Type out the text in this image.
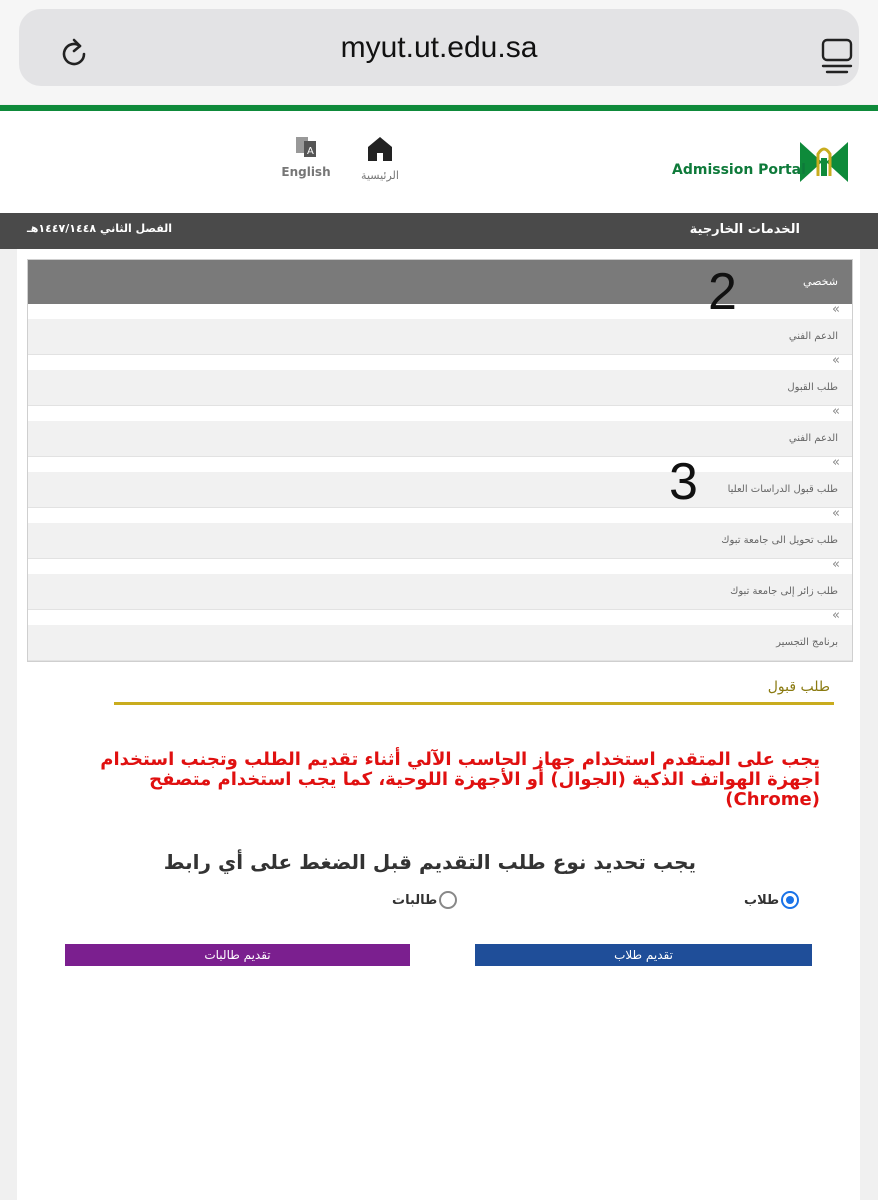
myut.ut.edu.sa
Admission Portal
الرئيسية
A
English
الخدمات الخارجية
الفصل الثاني ١٤٤٧/١٤٤٨هـ
شخصي
«
الدعم الفني
«
طلب القبول
«
الدعم الفني
«
طلب قبول الدراسات العليا
«
طلب تحويل الى جامعة تبوك
«
طلب زائر إلى جامعة تبوك
«
برنامج التجسير
2
3
طلب قبول
يجب على المتقدم استخدام جهاز الحاسب الآلي أثناء تقديم الطلب وتجنب استخدام اجهزة الهواتف الذكية (الجوال) أو الأجهزة اللوحية، كما يجب استخدام متصفح (Chrome)
يجب تحديد نوع طلب التقديم قبل الضغط على أي رابط
طلاب
طالبات
تقديم طلاب
تقديم طالبات
